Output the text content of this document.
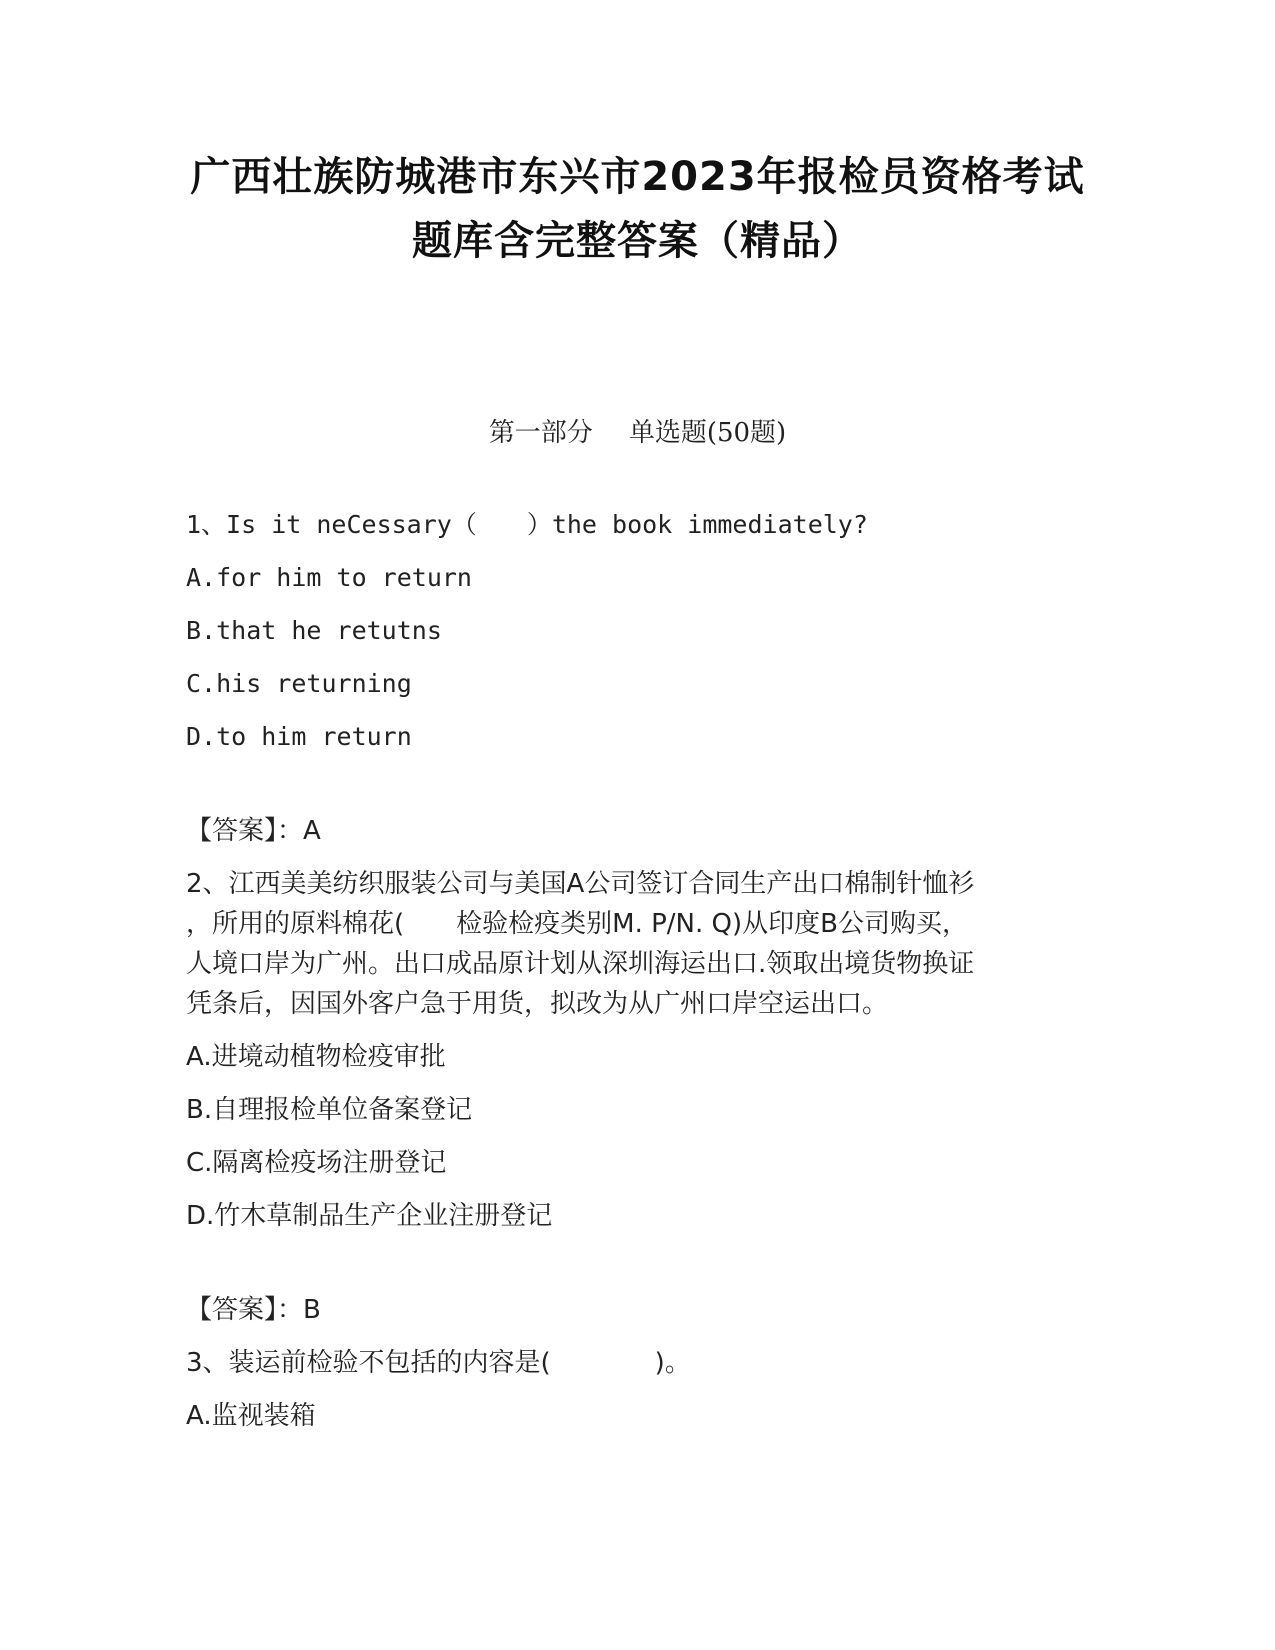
广西壮族防城港市东兴市2023年报检员资格考试
题库含完整答案（精品）
第一部分 单选题(50题)
1、Is it neCessary（　　）the book immediately?
A.for him to return
B.that he retutns
C.his returning
D.to him return
【答案】：A
2、江西美美纺织服装公司与美国A公司签订合同生产出口棉制针恤衫
，所用的原料棉花(　　检验检疫类别M. P/N. Q)从印度B公司购买，
人境口岸为广州。出口成品原计划从深圳海运出口.领取出境货物换证
凭条后，因国外客户急于用货，拟改为从广州口岸空运出口。
A.进境动植物检疫审批
B.自理报检单位备案登记
C.隔离检疫场注册登记
D.竹木草制品生产企业注册登记
【答案】：B
3、装运前检验不包括的内容是(　　　　)。
A.监视装箱
